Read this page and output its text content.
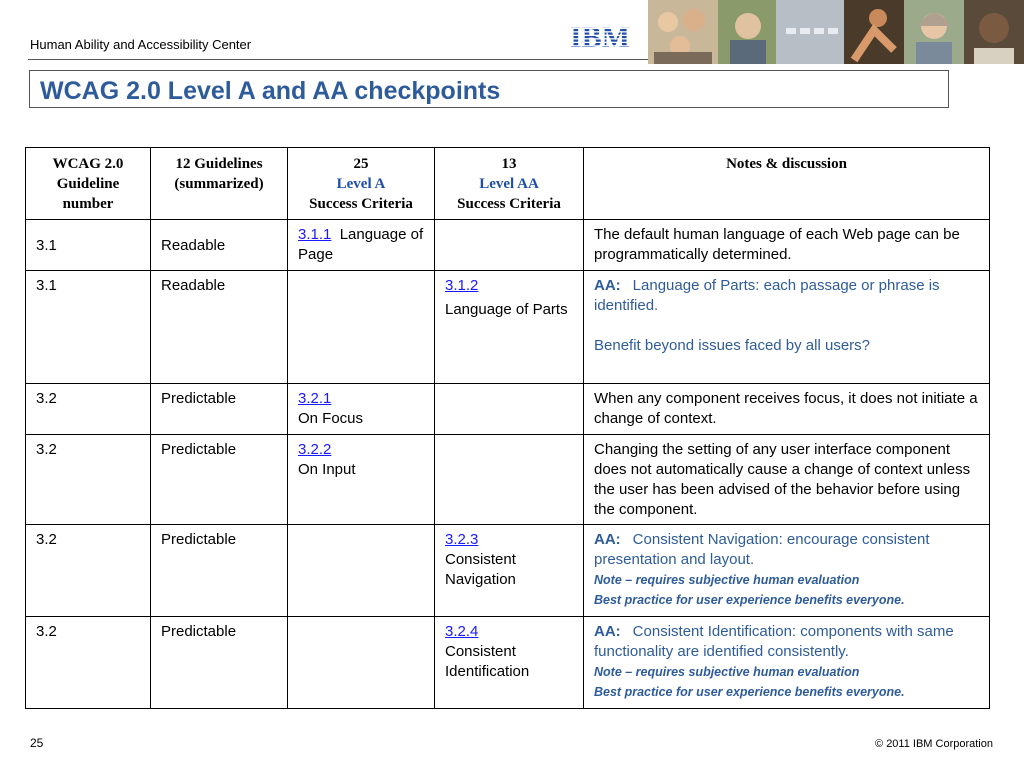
Human Ability and Accessibility Center	IBM
WCAG 2.0 Level A and AA checkpoints
WCAG 2.0
Guideline
number	12 Guidelines
(summarized)	25
Level A
Success Criteria	13
Level AA
Success Criteria	Notes & discussion
3.1	Readable	3.1.1 Language of Page		The default human language of each Web page can be programmatically determined.
3.1	Readable		3.1.2
Language of Parts	AA: Language of Parts: each passage or phrase is identified.
Benefit beyond issues faced by all users?
3.2	Predictable	3.2.1
On Focus		When any component receives focus, it does not initiate a change of context.
3.2	Predictable	3.2.2
On Input		Changing the setting of any user interface component does not automatically cause a change of context unless the user has been advised of the behavior before using the component.
3.2	Predictable		3.2.3
Consistent Navigation	AA: Consistent Navigation: encourage consistent presentation and layout.
Note – requires subjective human evaluation
Best practice for user experience benefits everyone.
3.2	Predictable		3.2.4
Consistent Identification	AA: Consistent Identification: components with same functionality are identified consistently.
Note – requires subjective human evaluation
Best practice for user experience benefits everyone.
25	© 2011 IBM Corporation
